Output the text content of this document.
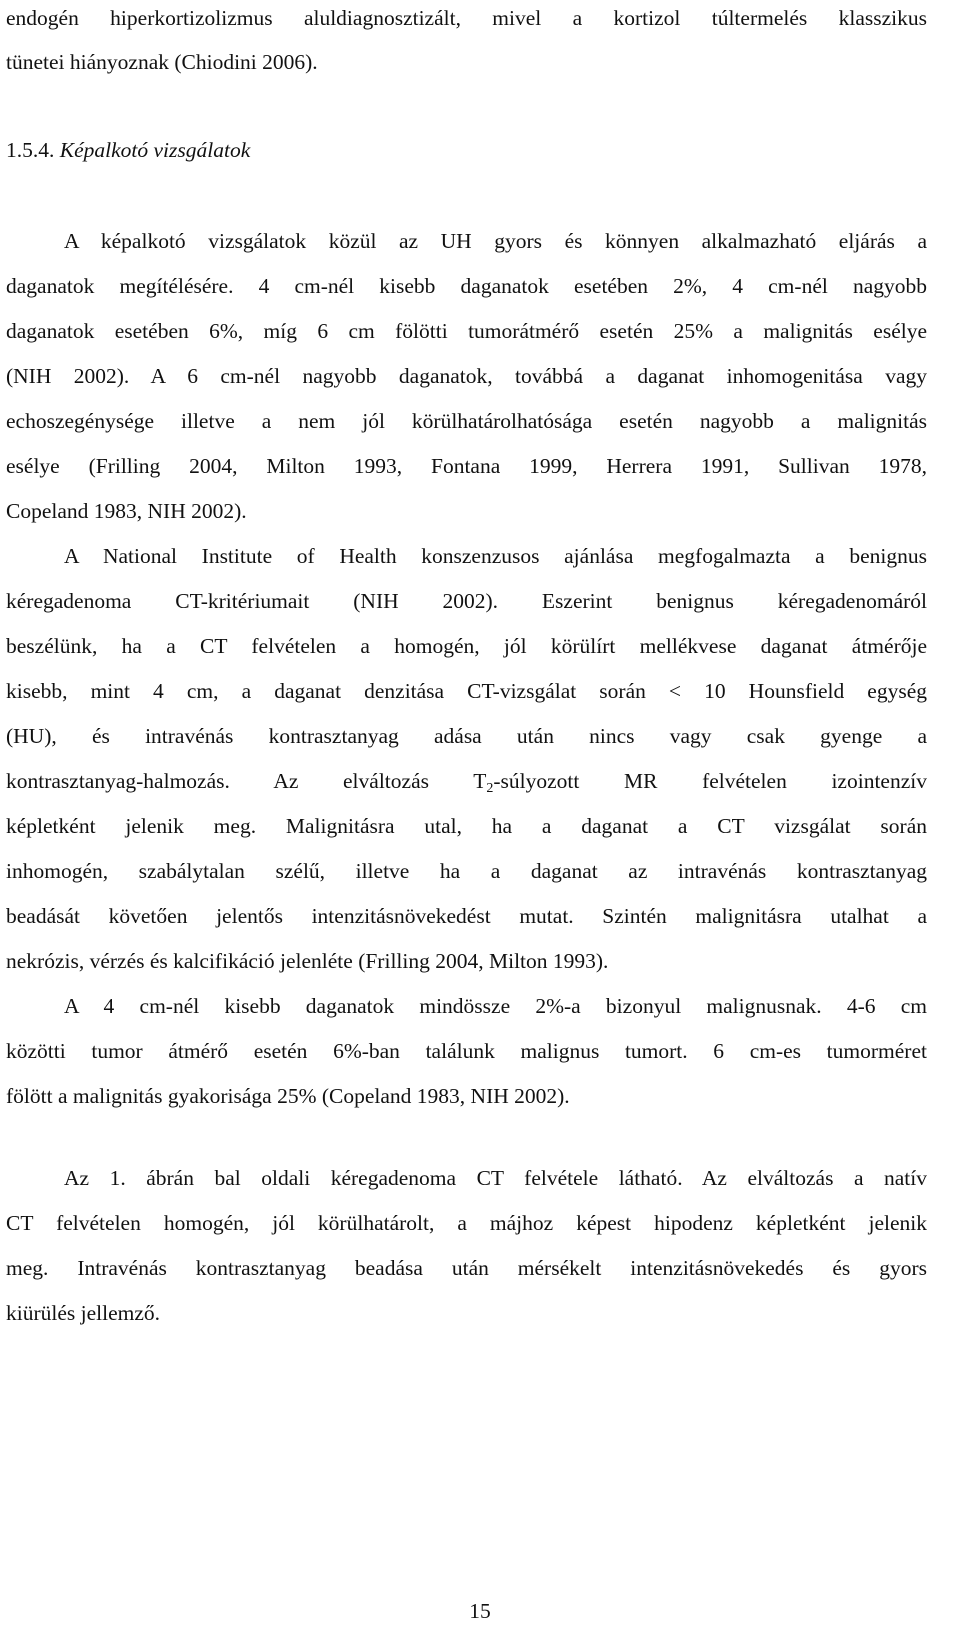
endogén hiperkortizolizmus aluldiagnosztizált, mivel a kortizol túltermelés klasszikus
tünetei hiányoznak (Chiodini 2006).
1.5.4. Képalkotó vizsgálatok
A képalkotó vizsgálatok közül az UH gyors és könnyen alkalmazható eljárás a
daganatok megítélésére. 4 cm-nél kisebb daganatok esetében 2%, 4 cm-nél nagyobb
daganatok esetében 6%, míg 6 cm fölötti tumorátmérő esetén 25% a malignitás esélye
(NIH 2002). A 6 cm-nél nagyobb daganatok, továbbá a daganat inhomogenitása vagy
echoszegénysége illetve a nem jól körülhatárolhatósága esetén nagyobb a malignitás
esélye (Frilling 2004, Milton 1993, Fontana 1999, Herrera 1991, Sullivan 1978,
Copeland 1983, NIH 2002).
A National Institute of Health konszenzusos ajánlása megfogalmazta a benignus
kéregadenoma CT-kritériumait (NIH 2002). Eszerint benignus kéregadenomáról
beszélünk, ha a CT felvételen a homogén, jól körülírt mellékvese daganat átmérője
kisebb, mint 4 cm, a daganat denzitása CT-vizsgálat során < 10 Hounsfield egység
(HU), és intravénás kontrasztanyag adása után nincs vagy csak gyenge a
kontrasztanyag-halmozás. Az elváltozás $T_2$-súlyozott MR felvételen izointenzív
képletként jelenik meg. Malignitásra utal, ha a daganat a CT vizsgálat során
inhomogén, szabálytalan szélű, illetve ha a daganat az intravénás kontrasztanyag
beadását követően jelentős intenzitásnövekedést mutat. Szintén malignitásra utalhat a
nekrózis, vérzés és kalcifikáció jelenléte (Frilling 2004, Milton 1993).
A 4 cm-nél kisebb daganatok mindössze 2%-a bizonyul malignusnak. 4-6 cm
közötti tumor átmérő esetén 6%-ban találunk malignus tumort. 6 cm-es tumorméret
fölött a malignitás gyakorisága 25% (Copeland 1983, NIH 2002).
Az 1. ábrán bal oldali kéregadenoma CT felvétele látható. Az elváltozás a natív
CT felvételen homogén, jól körülhatárolt, a májhoz képest hipodenz képletként jelenik
meg. Intravénás kontrasztanyag beadása után mérsékelt intenzitásnövekedés és gyors
kiürülés jellemző.
15
